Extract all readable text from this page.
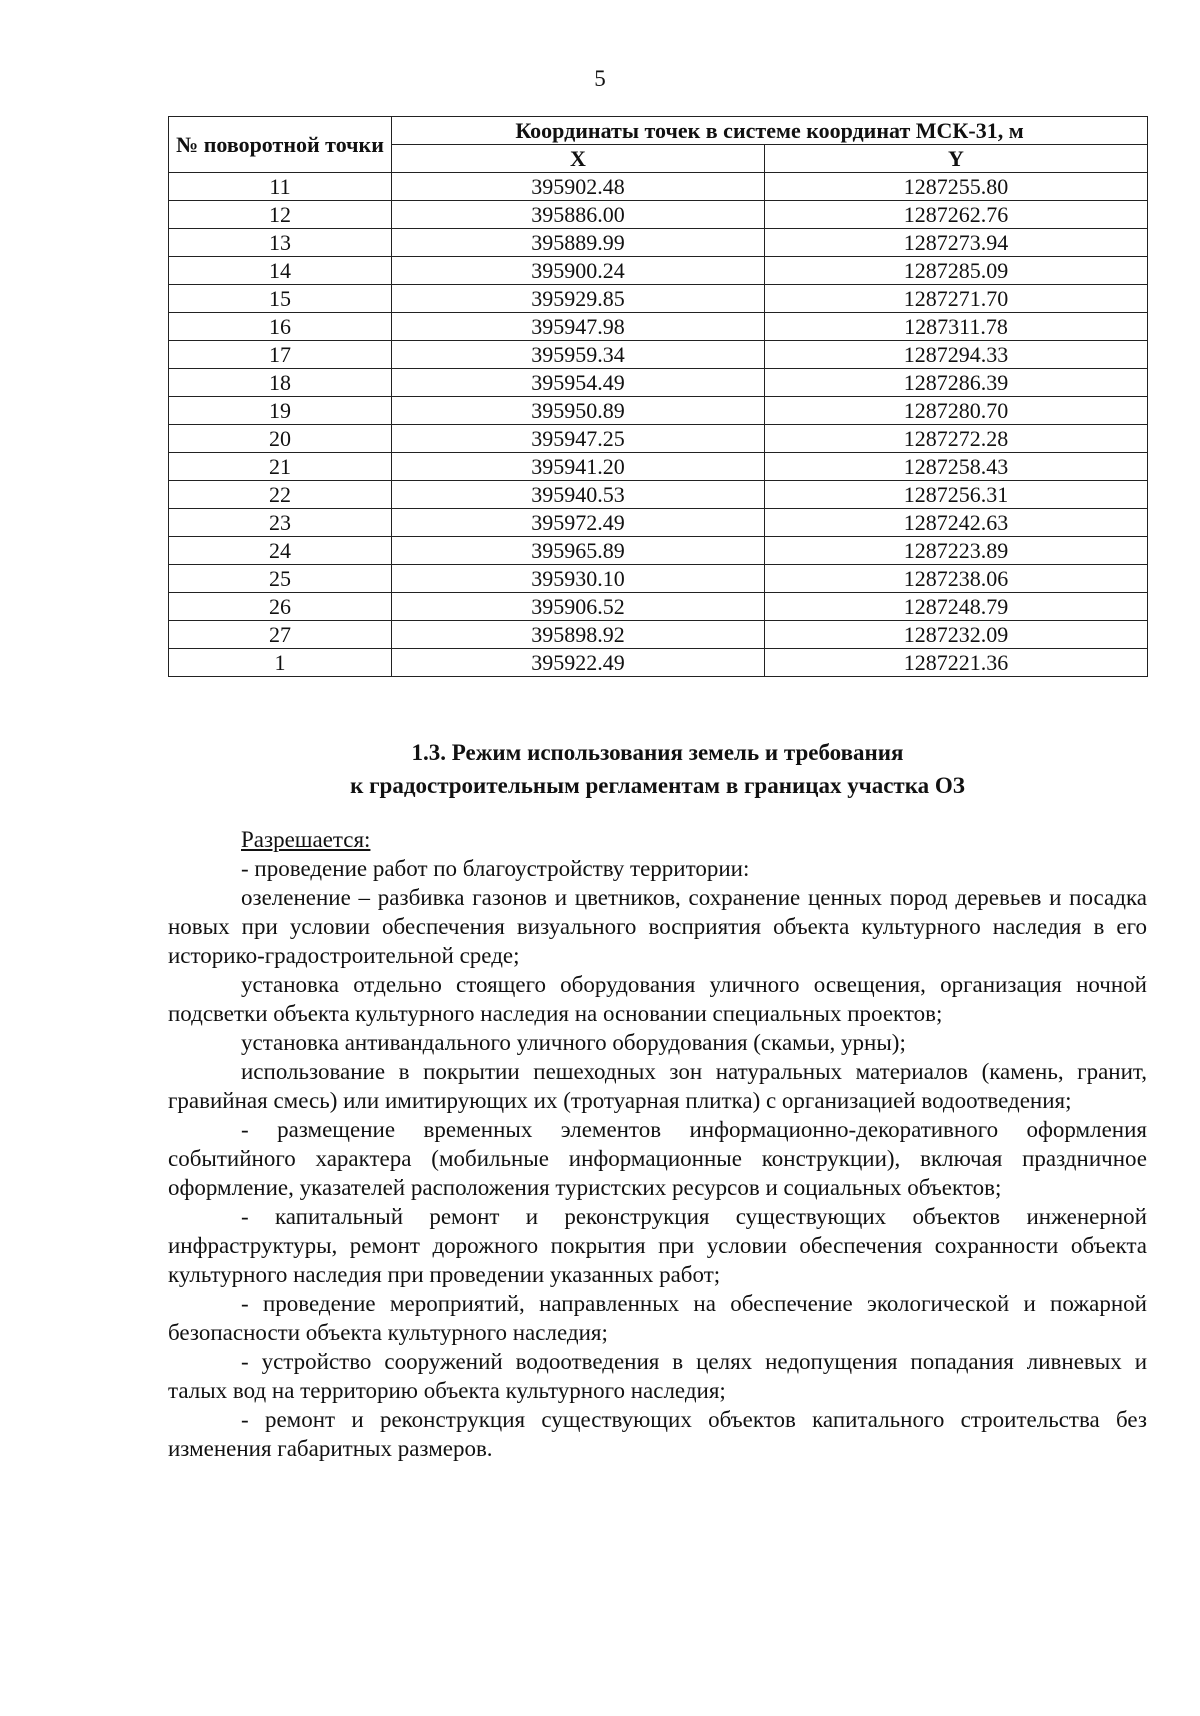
5
№ поворотной точки	Координаты точек в системе координат МСК-31, м	
	X	Y
11	395902.48	1287255.80
12	395886.00	1287262.76
13	395889.99	1287273.94
14	395900.24	1287285.09
15	395929.85	1287271.70
16	395947.98	1287311.78
17	395959.34	1287294.33
18	395954.49	1287286.39
19	395950.89	1287280.70
20	395947.25	1287272.28
21	395941.20	1287258.43
22	395940.53	1287256.31
23	395972.49	1287242.63
24	395965.89	1287223.89
25	395930.10	1287238.06
26	395906.52	1287248.79
27	395898.92	1287232.09
1	395922.49	1287221.36
1.3. Режим использования земель и требования
к градостроительным регламентам в границах участка ОЗ

Разрешается:

- проведение работ по благоустройству территории:

озеленение – разбивка газонов и цветников, сохранение ценных пород деревьев и посадка новых при условии обеспечения визуального восприятия объекта культурного наследия в его историко-градостроительной среде;

установка отдельно стоящего оборудования уличного освещения, организация ночной подсветки объекта культурного наследия на основании специальных проектов;

установка антивандального уличного оборудования (скамьи, урны);

использование в покрытии пешеходных зон натуральных материалов (камень, гранит, гравийная смесь) или имитирующих их (тротуарная плитка) с организацией водоотведения;

- размещение временных элементов информационно-декоративного оформления событийного характера (мобильные информационные конструкции), включая праздничное оформление, указателей расположения туристских ресурсов и социальных объектов;

- капитальный ремонт и реконструкция существующих объектов инженерной инфраструктуры, ремонт дорожного покрытия при условии обеспечения сохранности объекта культурного наследия при проведении указанных работ;

- проведение мероприятий, направленных на обеспечение экологической и пожарной безопасности объекта культурного наследия;

- устройство сооружений водоотведения в целях недопущения попадания ливневых и талых вод на территорию объекта культурного наследия;

- ремонт и реконструкция существующих объектов капитального строительства без изменения габаритных размеров.
